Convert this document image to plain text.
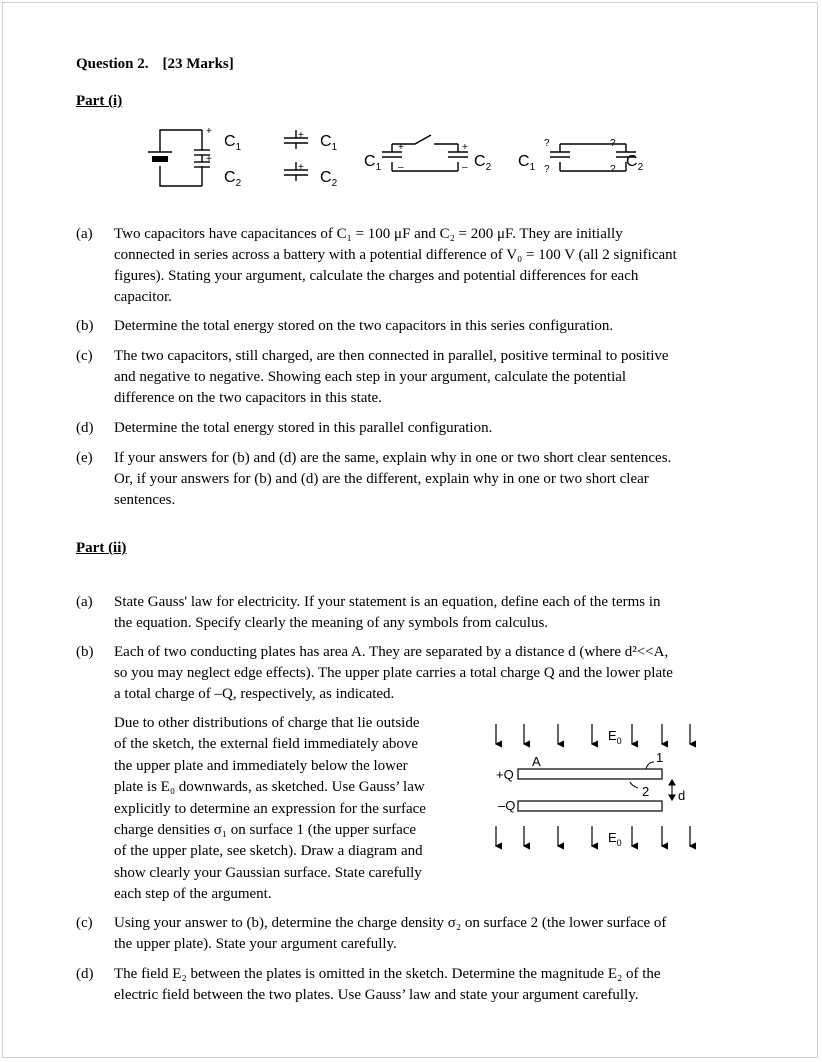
Question 2. [23 Marks]
Part (i)
$C_1$
$C_2$
$C_1$
$C_2$
$C_1$	$C_2$ $C_1$	$C_2$
+
+
+
+
+
–
+
–
?
?
?
?
(a)	Two capacitors have capacitances of C₁ = 100 μF and C₂ = 200 μF. They are initially
connected in series across a battery with a potential difference of V₀ = 100 V (all 2 significant
figures). Stating your argument, calculate the charges and potential differences for each
capacitor.
(b)	Determine the total energy stored on the two capacitors in this series configuration.
(c)	The two capacitors, still charged, are then connected in parallel, positive terminal to positive
and negative to negative. Showing each step in your argument, calculate the potential
difference on the two capacitors in this state.
(d)	Determine the total energy stored in this parallel configuration.
(e)	If your answers for (b) and (d) are the same, explain why in one or two short clear sentences.
Or, if your answers for (b) and (d) are the different, explain why in one or two short clear
sentences.
Part (ii)
(a)	State Gauss' law for electricity. If your statement is an equation, define each of the terms in
the equation. Specify clearly the meaning of any symbols from calculus.
(b)	Each of two conducting plates has area A. They are separated by a distance d (where d²<<A,
so you may neglect edge effects). The upper plate carries a total charge Q and the lower plate
a total charge of –Q, respectively, as indicated.
Due to other distributions of charge that lie outside
of the sketch, the external field immediately above
the upper plate and immediately below the lower
plate is E₀ downwards, as sketched. Use Gauss’ law
explicitly to determine an expression for the surface
charge densities σ₁ on surface 1 (the upper surface
of the upper plate, see sketch). Draw a diagram and
show clearly your Gaussian surface. State carefully
each step of the argument.
$E_0$
$E_0$
A	1
2 d
+Q
–Q
(c)	Using your answer to (b), determine the charge density σ₂ on surface 2 (the lower surface of
the upper plate). State your argument carefully.
(d)	The field E₂ between the plates is omitted in the sketch. Determine the magnitude E₂ of the
electric field between the two plates. Use Gauss’ law and state your argument carefully.
